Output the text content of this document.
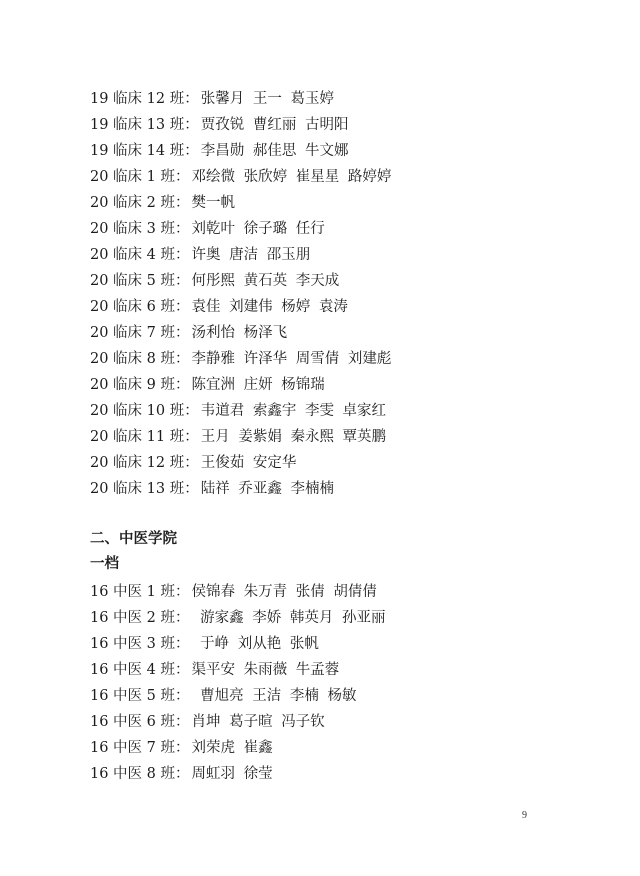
19 临床 12 班： 张馨月 王一 葛玉婷
19 临床 13 班： 贾孜锐 曹红丽 古明阳
19 临床 14 班： 李昌勋 郝佳思 牛文娜
20 临床 1 班： 邓绘微 张欣婷 崔星星 路婷婷
20 临床 2 班： 樊一帆
20 临床 3 班： 刘乾叶 徐子璐 任行
20 临床 4 班： 许奥 唐洁 邵玉朋
20 临床 5 班： 何彤熙 黄石英 李天成
20 临床 6 班： 袁佳 刘建伟 杨婷 袁涛
20 临床 7 班： 汤利怡 杨泽飞
20 临床 8 班： 李静雅 许泽华 周雪倩 刘建彪
20 临床 9 班： 陈宜洲 庄妍 杨锦瑞
20 临床 10 班： 韦道君 索鑫宇 李雯 卓家红
20 临床 11 班： 王月 姜紫娟 秦永熙 覃英鹏
20 临床 12 班： 王俊茹 安定华
20 临床 13 班： 陆祥 乔亚鑫 李楠楠
二、中医学院
一档
16 中医 1 班： 侯锦春 朱万青 张倩 胡倩倩
16 中医 2 班： 游家鑫 李娇 韩英月 孙亚丽
16 中医 3 班： 于峥 刘从艳 张帆
16 中医 4 班： 渠平安 朱雨薇 牛孟蓉
16 中医 5 班： 曹旭亮 王洁 李楠 杨敏
16 中医 6 班： 肖坤 葛子暄 冯子钦
16 中医 7 班： 刘荣虎 崔鑫
16 中医 8 班： 周虹羽 徐莹
9
